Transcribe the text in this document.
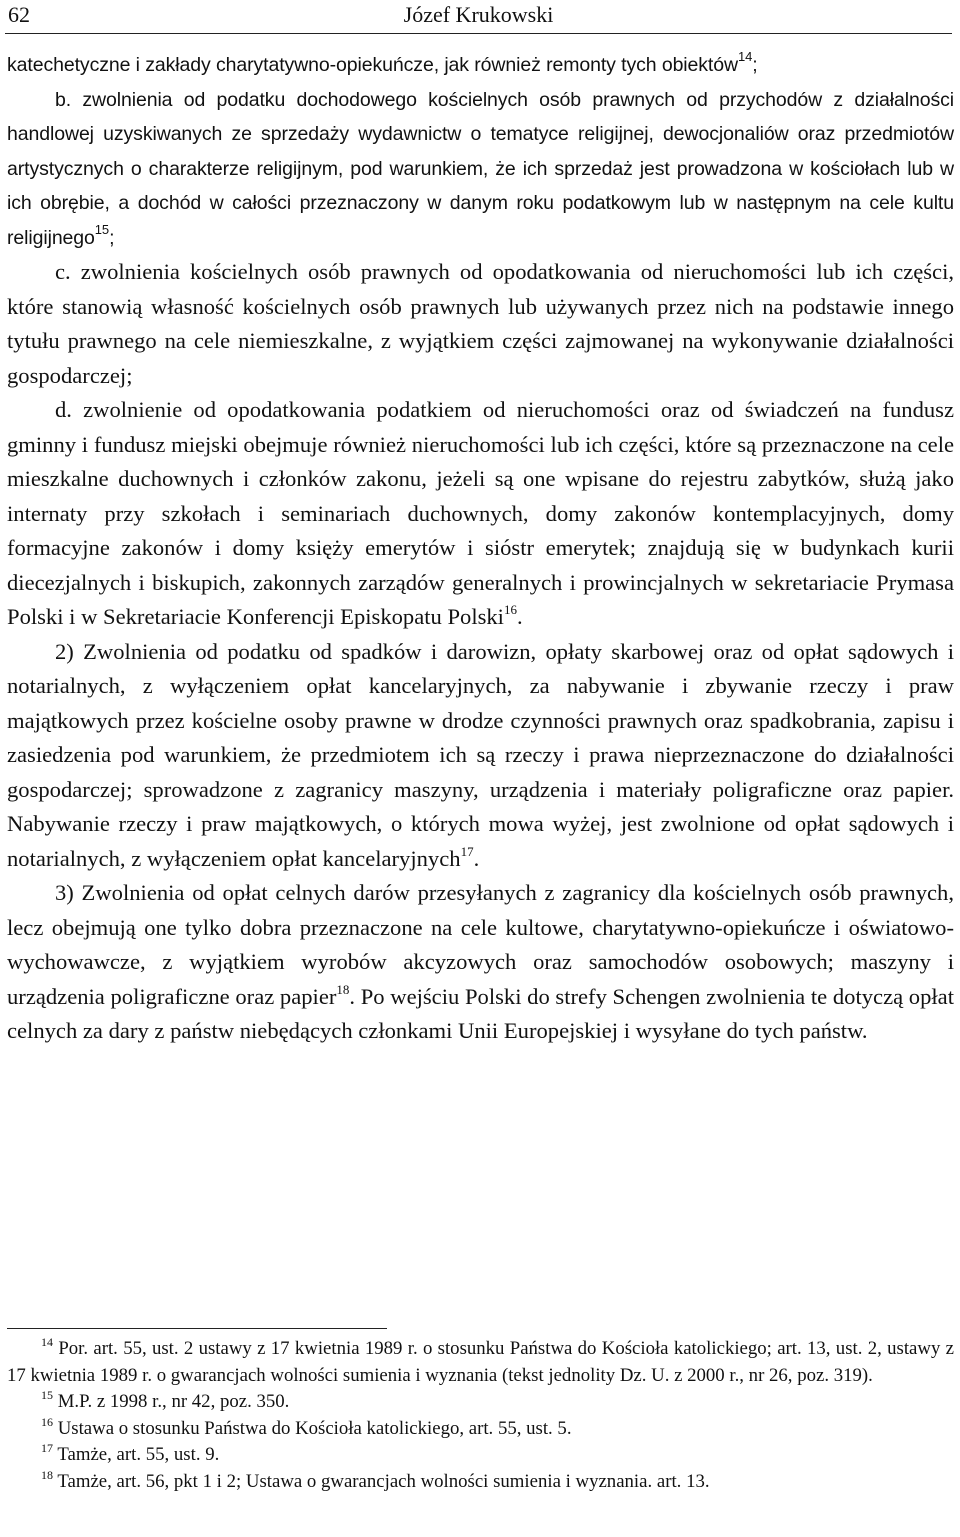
62	Józef Krukowski

katechetyczne i zakłady charytatywno-opiekuńcze, jak również remonty tych obiektów$^{14}$;

b. zwolnienia od podatku dochodowego kościelnych osób prawnych od przychodów z działalności handlowej uzyskiwanych ze sprzedaży wydawnictw o tematyce religijnej, dewocjonaliów oraz przedmiotów artystycznych o charakterze religijnym, pod warunkiem, że ich sprzedaż jest prowadzona w kościołach lub w ich obrębie, a dochód w całości przeznaczony w danym roku podatkowym lub w następnym na cele kultu religijnego$^{15}$;

c. zwolnienia kościelnych osób prawnych od opodatkowania od nieruchomości lub ich części, które stanowią własność kościelnych osób prawnych lub używanych przez nich na podstawie innego tytułu prawnego na cele niemieszkalne, z wyjątkiem części zajmowanej na wykonywanie działalności gospodarczej;

d. zwolnienie od opodatkowania podatkiem od nieruchomości oraz od świadczeń na fundusz gminny i fundusz miejski obejmuje również nieruchomości lub ich części, które są przeznaczone na cele mieszkalne duchownych i członków zakonu, jeżeli są one wpisane do rejestru zabytków, służą jako internaty przy szkołach i seminariach duchownych, domy zakonów kontemplacyjnych, domy formacyjne zakonów i domy księży emerytów i sióstr emerytek; znajdują się w budynkach kurii diecezjalnych i biskupich, zakonnych zarządów generalnych i prowincjalnych w sekretariacie Prymasa Polski i w Sekretariacie Konferencji Episkopatu Polski$^{16}$.

2) Zwolnienia od podatku od spadków i darowizn, opłaty skarbowej oraz od opłat sądowych i notarialnych, z wyłączeniem opłat kancelaryjnych, za nabywanie i zbywanie rzeczy i praw majątkowych przez kościelne osoby prawne w drodze czynności prawnych oraz spadkobrania, zapisu i zasiedzenia pod warunkiem, że przedmiotem ich są rzeczy i prawa nieprzeznaczone do działalności gospodarczej; sprowadzone z zagranicy maszyny, urządzenia i materiały poligraficzne oraz papier. Nabywanie rzeczy i praw majątkowych, o których mowa wyżej, jest zwolnione od opłat sądowych i notarialnych, z wyłączeniem opłat kancelaryjnych$^{17}$.

3) Zwolnienia od opłat celnych darów przesyłanych z zagranicy dla kościelnych osób prawnych, lecz obejmują one tylko dobra przeznaczone na cele kultowe, charytatywno-opiekuńcze i oświatowo-wychowawcze, z wyjątkiem wyrobów akcyzowych oraz samochodów osobowych; maszyny i urządzenia poligraficzne oraz papier$^{18}$. Po wejściu Polski do strefy Schengen zwolnienia te dotyczą opłat celnych za dary z państw niebędących członkami Unii Europejskiej i wysyłane do tych państw.

$^{14}$ Por. art. 55, ust. 2 ustawy z 17 kwietnia 1989 r. o stosunku Państwa do Kościoła katolickiego; art. 13, ust. 2, ustawy z 17 kwietnia 1989 r. o gwarancjach wolności sumienia i wyznania (tekst jednolity Dz. U. z 2000 r., nr 26, poz. 319).

$^{15}$ M.P. z 1998 r., nr 42, poz. 350.

$^{16}$ Ustawa o stosunku Państwa do Kościoła katolickiego, art. 55, ust. 5.

$^{17}$ Tamże, art. 55, ust. 9.

$^{18}$ Tamże, art. 56, pkt 1 i 2; Ustawa o gwarancjach wolności sumienia i wyznania. art. 13.
